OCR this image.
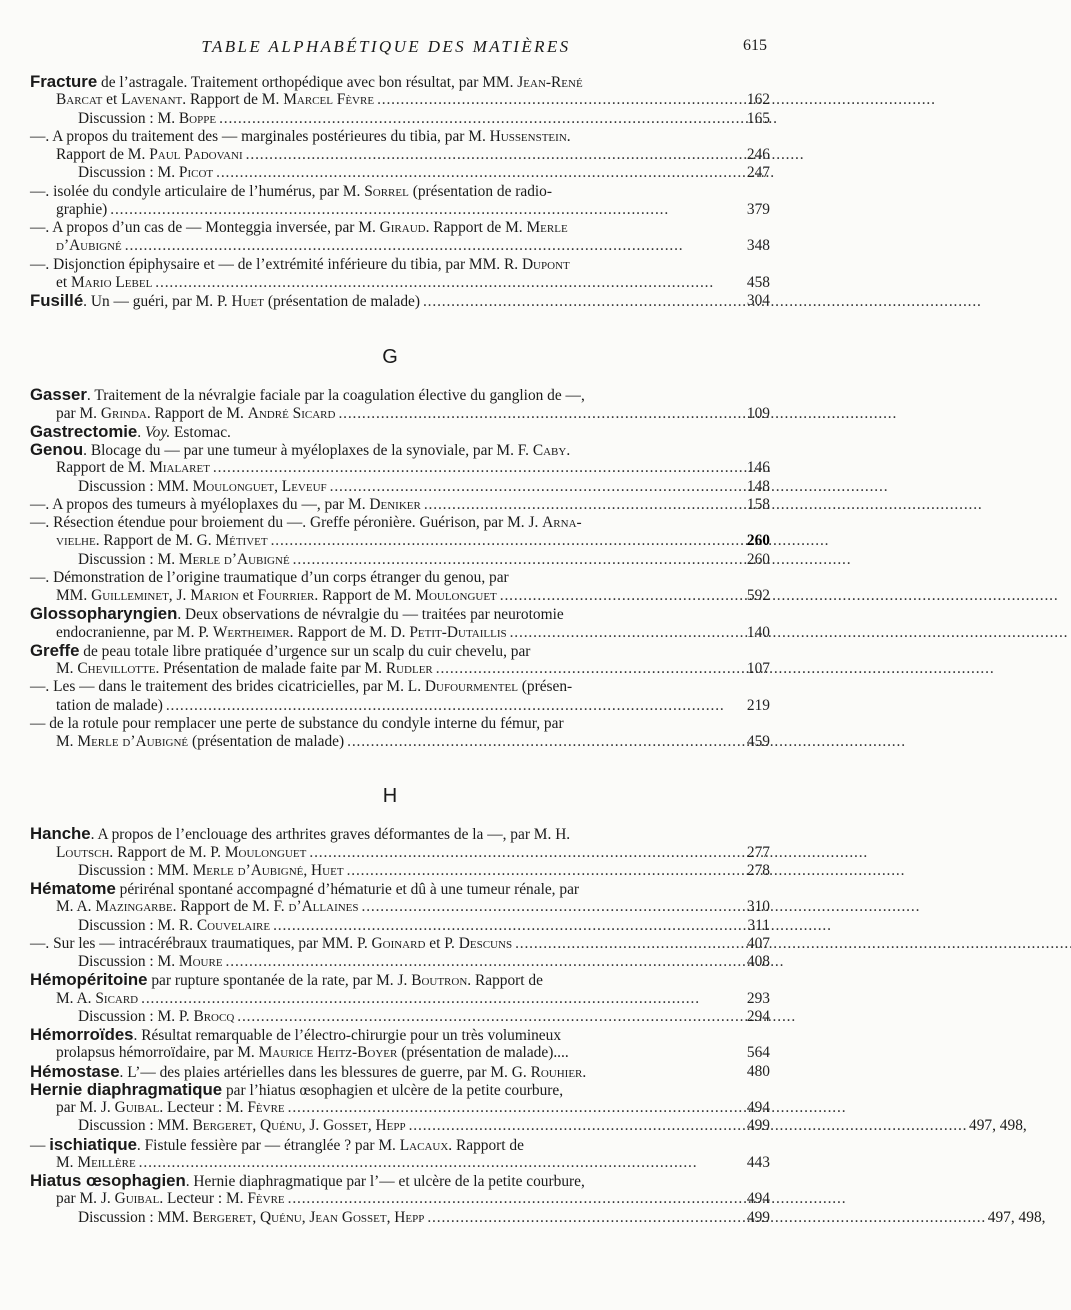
TABLE ALPHABÉTIQUE DES MATIÈRES	615
Fracture de l’astragale. Traitement orthopédique avec bon résultat, par MM. Jean-René
Barcat et Lavenant. Rapport de M. Marcel Fèvre . . .	162
Discussion : M. Boppe . . .	165
—. A propos du traitement des — marginales postérieures du tibia, par M. Hussenstein.
Rapport de M. Paul Padovani . . .	246
Discussion : M. Picot . . .	247
—. isolée du condyle articulaire de l’humérus, par M. Sorrel (présentation de radio-
graphie) . . .	379
—. A propos d’un cas de — Monteggia inversée, par M. Giraud. Rapport de M. Merle
d’Aubigné . . .	348
—. Disjonction épiphysaire et — de l’extrémité inférieure du tibia, par MM. R. Dupont
et Mario Lebel . . .	458
Fusillé. Un — guéri, par M. P. Huet (présentation de malade) . . .	304
G
Gasser. Traitement de la névralgie faciale par la coagulation élective du ganglion de —,
par M. Grinda. Rapport de M. André Sicard . . .	109
Gastrectomie. Voy. Estomac.
Genou. Blocage du — par une tumeur à myéloplaxes de la synoviale, par M. F. Caby.
Rapport de M. Mialaret . . .	146
Discussion : MM. Moulonguet, Leveuf . . .	148
—. A propos des tumeurs à myéloplaxes du —, par M. Deniker . . .	158
—. Résection étendue pour broiement du —. Greffe péronière. Guérison, par M. J. Arna-
vielhe. Rapport de M. G. Métivet . . .	260
Discussion : M. Merle d’Aubigné . . .	260
—. Démonstration de l’origine traumatique d’un corps étranger du genou, par
MM. Guilleminet, J. Marion et Fourrier. Rapport de M. Moulonguet . . .	592
Glossopharyngien. Deux observations de névralgie du — traitées par neurotomie
endocranienne, par M. P. Wertheimer. Rapport de M. D. Petit-Dutaillis . . .	140
Greffe de peau totale libre pratiquée d’urgence sur un scalp du cuir chevelu, par
M. Chevillotte. Présentation de malade faite par M. Rudler . . .	107
—. Les — dans le traitement des brides cicatricielles, par M. L. Dufourmentel (présen-
tation de malade) . . .	219
— de la rotule pour remplacer une perte de substance du condyle interne du fémur, par
M. Merle d’Aubigné (présentation de malade) . . .	459
H
Hanche. A propos de l’enclouage des arthrites graves déformantes de la —, par M. H.
Loutsch. Rapport de M. P. Moulonguet . . .	277
Discussion : MM. Merle d’Aubigné, Huet . . .	278
Hématome périrénal spontané accompagné d’hématurie et dû à une tumeur rénale, par
M. A. Mazingarbe. Rapport de M. F. d’Allaines . . .	310
Discussion : M. R. Couvelaire . . .	311
—. Sur les — intracérébraux traumatiques, par MM. P. Goinard et P. Descuns . . .	407
Discussion : M. Moure . . .	408
Hémopéritoine par rupture spontanée de la rate, par M. J. Boutron. Rapport de
M. A. Sicard . . .	293
Discussion : M. P. Brocq . . .	294
Hémorroïdes. Résultat remarquable de l’électro-chirurgie pour un très volumineux
prolapsus hémorroïdaire, par M. Maurice Heitz-Boyer (présentation de malade)....	564
Hémostase. L’— des plaies artérielles dans les blessures de guerre, par M. G. Rouhier.	480
Hernie diaphragmatique par l’hiatus œsophagien et ulcère de la petite courbure,
par M. J. Guibal. Lecteur : M. Fèvre . . .	494
Discussion : MM. Bergeret, Quénu, J. Gosset, Hepp . . .	497, 498,
499
— ischiatique. Fistule fessière par — étranglée ? par M. Lacaux. Rapport de
M. Meillère . . .	443
Hiatus œsophagien. Hernie diaphragmatique par l’— et ulcère de la petite courbure,
par M. J. Guibal. Lecteur : M. Fèvre . . .	494
Discussion : MM. Bergeret, Quénu, Jean Gosset, Hepp . . .	497, 498,
499
